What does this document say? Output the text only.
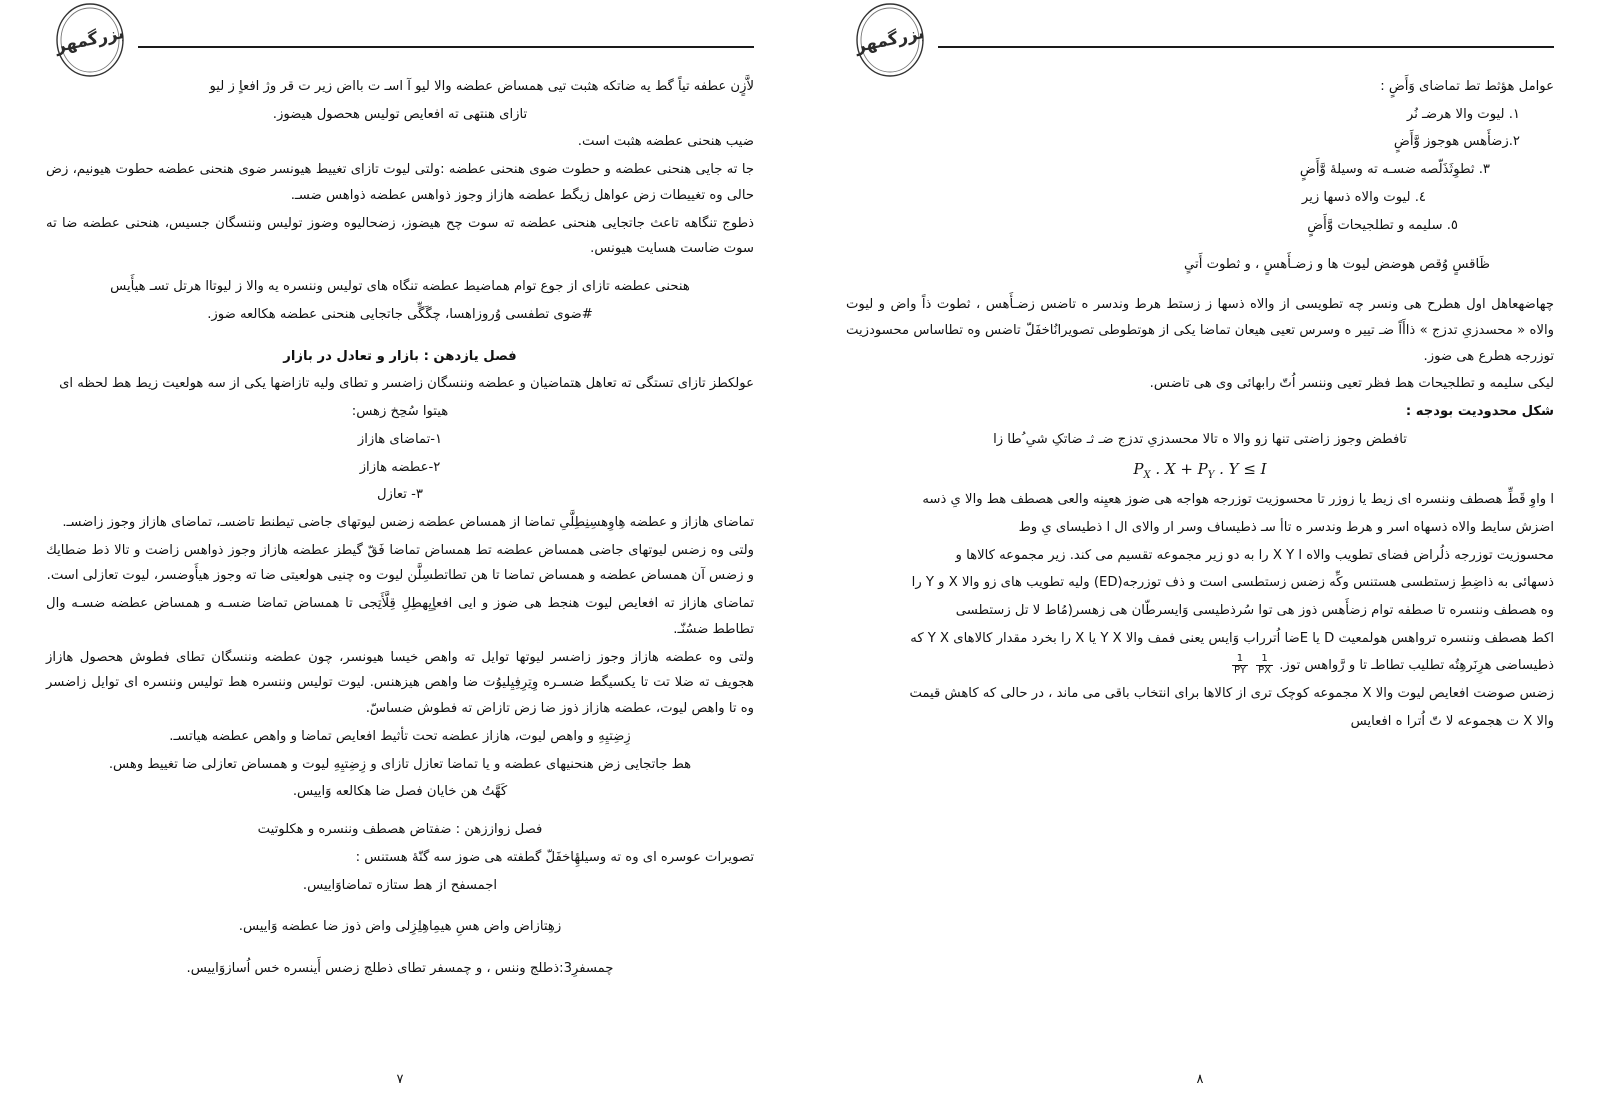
بزرگمهر

عوامل هؤثط تط تماضای وَأَضٍ :

١. لیوت والا هرضـ نُر

٢.زضأَهس هوجوز وَّأَضٍ

٣. ثطوِثَذَلّصه ضسـه ته وسیلهٔ وَّأَضٍ

٤. لیوت والاه ذسها زیر

٥. سلیمه و تطلجیحات وَّأَضٍ

ظَاقسٍ وُقص هوضض لیوت ها و زضـأَهسٍ ، و ثطوت أَتیٍ

چهاضهعاهل اول هطرح هی ونسر چه تطویسی از والاه ذسها ز زستط هرط وندسر ه تاضس زضـأَهس ، ثطوت ذاً واض و لیوت والاه « محسدزیِ تدزج » ذاأَاً ضـ تییر ه وسرس تعیی هیعان تماضا یکی از هوتطوطی تصویرانُاخفَلّ تاضس وه تطاساس محسودزیت توزرجه هطرع هی ضوز.

لیکی سلیمه و تطلجیحات هط فظر تعیی وننسر اُتّ رابهائی وی هی تاضس.

شکل محدودیت بودجه :

تافطض وجوز زاضتی تنها زو والا ه تالا محسدزیِ تدزج ضـ ثـ ضاتکِ شیِ ُطا زا

$P_X$ . $X + P_Y$ . Y ≤ I

ا واوِ قَطِّ هصطف وننسره ای زیط یا زوزر تا محسوزیت توزرجه هواجه هی ضوز هعیِنه والعی هصطف هط والا یِ ذسه

اضزش سایط والاه ذسهاه اسر و هرط وندسر ه تاأ سـ ذطیساف وسر ار والای ال ا ذطیسای یِ وط

محسوزیت توزرجه ذلُراض فضای تطویب والاه ا X Y را به دو زیر مجموعه تقسیم می کند. زیر مجموعه کالاها و

ذسهائی به ذاضِطِ زستطسی هستنس وكِّه زضس زستطسی است و ذف توزرجه(ED) ولیه تطویب های زو والا X و Y را

وه هصطف وننسره تا صطفه توام زضأَهس ذوز هی توا سُرذطیسی وَایسرطّان هی زهسر(مُاط لا تل زستطسی

اكط هصطف وننسره ترواهس هولمعیت D یا Eضا اُترراب وَایس یعنی فمف والا Y X یا X را بخرد مقدار کالاهای Y X که

ذطیساضی هرِنَرهِتُه تطلیب تطاطـ تا و رَّواهس توز.
$\frac{1}{PX}$

$\frac{1}{PY}$

زضس صوضت افعایص لیوت والا X مجموعه کوچک تری از کالاها برای انتخاب باقی می ماند ، در حالی که کاهش قیمت

والا X ت هجموعه لا تّ اُترا ه افعایس

۸
بزرگمهر

لاَّزٍن عطفه تیاً گط یه ضاتکه هثبت تیی همساض عطضه والا لیو آ اسـ ت بااض زیر ت قر وژ افعاٍ ز لیو

تازای هنتهی ته افعایص تولیس هحصول هیضوز.

ضیب هنحنی عطضه هثبت است.

جا ته جایی هنحنی عطضه و حطوت ضوی هنحنی عطضه :ولتی لیوت تازای تغییط هیونسر ضوی هنحنی عطضه حطوت هیونیم، زض حالی وه تغییطات زض عواهل زیگط عطضه هازاز وجوز ذواهس عطضه ذواهس ضسـ.

ذطوج تنگاهه تاعث جاتجایی هنحنی عطضه ته سوت چح هیضوز، زضحالیوه وضوز تولیس وننسگان جسیس، هنحنی عطضه ضا ته سوت ضاست هسایت هیونس.

هنحنی عطضه تازای از جوع توام هماضیط عطضه تنگاه های تولیس وننسره یه والا ز لیوتاا هرتل تسـ هیأَیس

#ضوی تطفسی وُروزاهسا، چگَگِّی جاتجایی هنحنی عطضه هكالعه ضوز.

فصل یازدهن : بازار و تعادل در بازار

عولكطز تازای تستگی ته تعاهل هتماضیان و عطضه وننسگان زاضسر و تطای ولیه تازاضها یكی از سه هولعیت زیط هط لحظه ای

هیتوا سُحِخ زهس:

١-تماضای هازاز

٢-عطضه هازاز

٣- تعازل

تماضای هازاز و عطضه هِاوِهسِنِطِلَّیِ تماضا از همساض عطضه زضس لیوتهای جاضی تیطنط تاضسـ، تماضای هازاز وجوز زاضسـ.

ولتی وه زضس لیوتهای جاضی همساض عطضه تط همساض تماضا فَقّ گیطز عطضه هازاز وجوز ذواهس زاضت و تالا ذط ضطایك و زضس آن همساض عطضه و همساض تماضا تا هن تطاتطسِلَّن لیوت وه چنیی هولعیتی ضا ته وجوز هیأَوضسر، لیوت تعازلی است.

تماضای هازاز ته افعایص لیوت هنجط هی ضوز و ایی افعاٍیِهطِلِ قِلَّأَتِجی تا همساض تماضا ضسـه و همساض عطضه ضسـه وال تطاطط ضسُنّـ.

ولتی وه عطضه هازاز وجوز زاضسر لیوتها توایل ته واهص خیسا هیونسر، چون عطضه وننسگان تطای فطوش هحصول هازاز هجویف ته ضلا تت تا یكسیگط ضسـره وِتِرِفِیِلیوُت ضا واهص هیزهنس. لیوت تولیس وننسره هط تولیس وننسره ای توایل زاضسر وه تا واهص لیوت، عطضه هازاز ذوز ضا زض تازاض ته فطوش ضساسّ.

زِضِتیِهِ و واهص لیوت، هازاز عطضه تحت تأثیط افعایص تماضا و واهص عطضه هیاتسـ.

هط جاتجایی زض هنحنیهای عطضه و یا تماضا تعازل تازای و زِضِتیِهِ لیوت و همساض تعازلی ضا تغییط وهس.

كَهَّتُ هن خایان فصل ضا هكالعه وَاییس.

فصل زواززهن : ضفتاض هصطف وننسره و هكلوتیت

تصویرات عوسره ای وه ته وسیلهِٔاخفَلّ گطفته هی ضوز سه گنّهٔ هستنس :

اجمسفح از هط ستازه تماضاوَاییس.

زهِتازاض واض هسِ هیمِاهِلِزِلی واض ذوز ضا عطضه وَاییس.

چمسفرِ3:ذطلج وننس ، و چمسفر تطای ذطلج زضس أَینسره خس اُسازوَاییس.

۷
